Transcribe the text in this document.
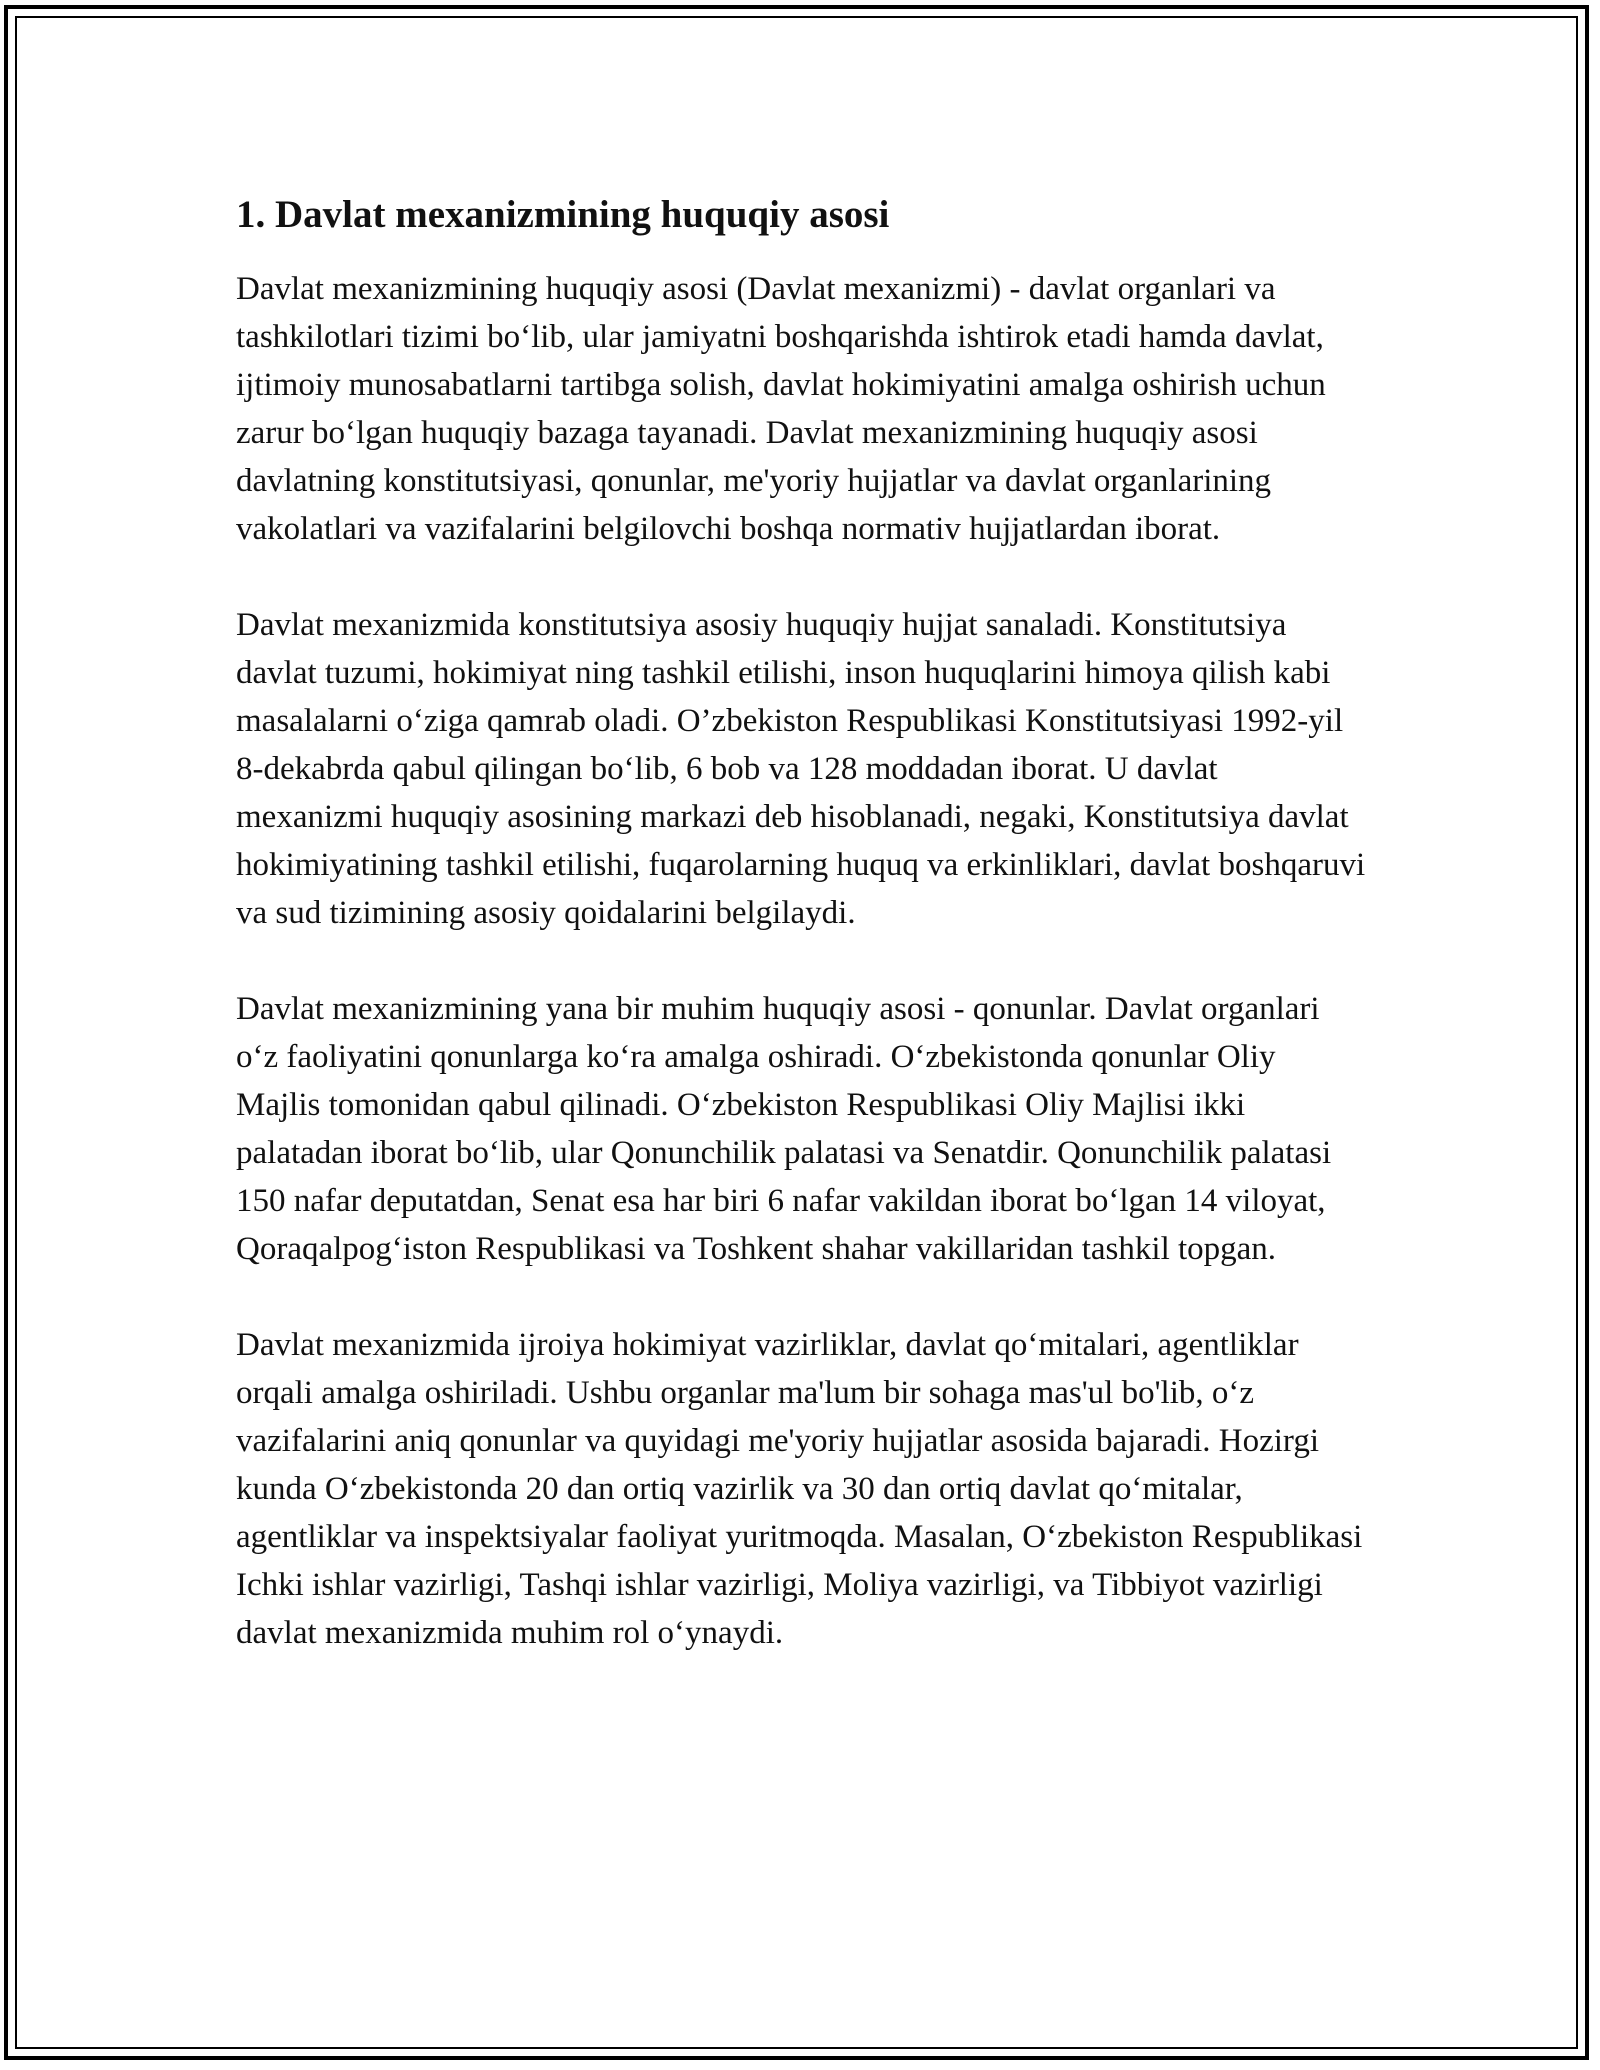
1. Davlat mexanizmining huquqiy asosi

Davlat mexanizmining huquqiy asosi (Davlat mexanizmi) - davlat organlari va tashkilotlari tizimi bo‘lib, ular jamiyatni boshqarishda ishtirok etadi hamda davlat, ijtimoiy munosabatlarni tartibga solish, davlat hokimiyatini amalga oshirish uchun zarur bo‘lgan huquqiy bazaga tayanadi. Davlat mexanizmining huquqiy asosi davlatning konstitutsiyasi, qonunlar, me'yoriy hujjatlar va davlat organlarining vakolatlari va vazifalarini belgilovchi boshqa normativ hujjatlardan iborat.

Davlat mexanizmida konstitutsiya asosiy huquqiy hujjat sanaladi. Konstitutsiya davlat tuzumi, hokimiyat ning tashkil etilishi, inson huquqlarini himoya qilish kabi masalalarni o‘ziga qamrab oladi. O’zbekiston Respublikasi Konstitutsiyasi 1992-yil 8-dekabrda qabul qilingan bo‘lib, 6 bob va 128 moddadan iborat. U davlat mexanizmi huquqiy asosining markazi deb hisoblanadi, negaki, Konstitutsiya davlat hokimiyatining tashkil etilishi, fuqarolarning huquq va erkinliklari, davlat boshqaruvi va sud tizimining asosiy qoidalarini belgilaydi.

Davlat mexanizmining yana bir muhim huquqiy asosi - qonunlar. Davlat organlari o‘z faoliyatini qonunlarga ko‘ra amalga oshiradi. O‘zbekistonda qonunlar Oliy Majlis tomonidan qabul qilinadi. O‘zbekiston Respublikasi Oliy Majlisi ikki palatadan iborat bo‘lib, ular Qonunchilik palatasi va Senatdir. Qonunchilik palatasi 150 nafar deputatdan, Senat esa har biri 6 nafar vakildan iborat bo‘lgan 14 viloyat, Qoraqalpog‘iston Respublikasi va Toshkent shahar vakillaridan tashkil topgan.

Davlat mexanizmida ijroiya hokimiyat vazirliklar, davlat qo‘mitalari, agentliklar orqali amalga oshiriladi. Ushbu organlar ma'lum bir sohaga mas'ul bo'lib, o‘z vazifalarini aniq qonunlar va quyidagi me'yoriy hujjatlar asosida bajaradi. Hozirgi kunda O‘zbekistonda 20 dan ortiq vazirlik va 30 dan ortiq davlat qo‘mitalar, agentliklar va inspektsiyalar faoliyat yuritmoqda. Masalan, O‘zbekiston Respublikasi Ichki ishlar vazirligi, Tashqi ishlar vazirligi, Moliya vazirligi, va Tibbiyot vazirligi davlat mexanizmida muhim rol o‘ynaydi.
